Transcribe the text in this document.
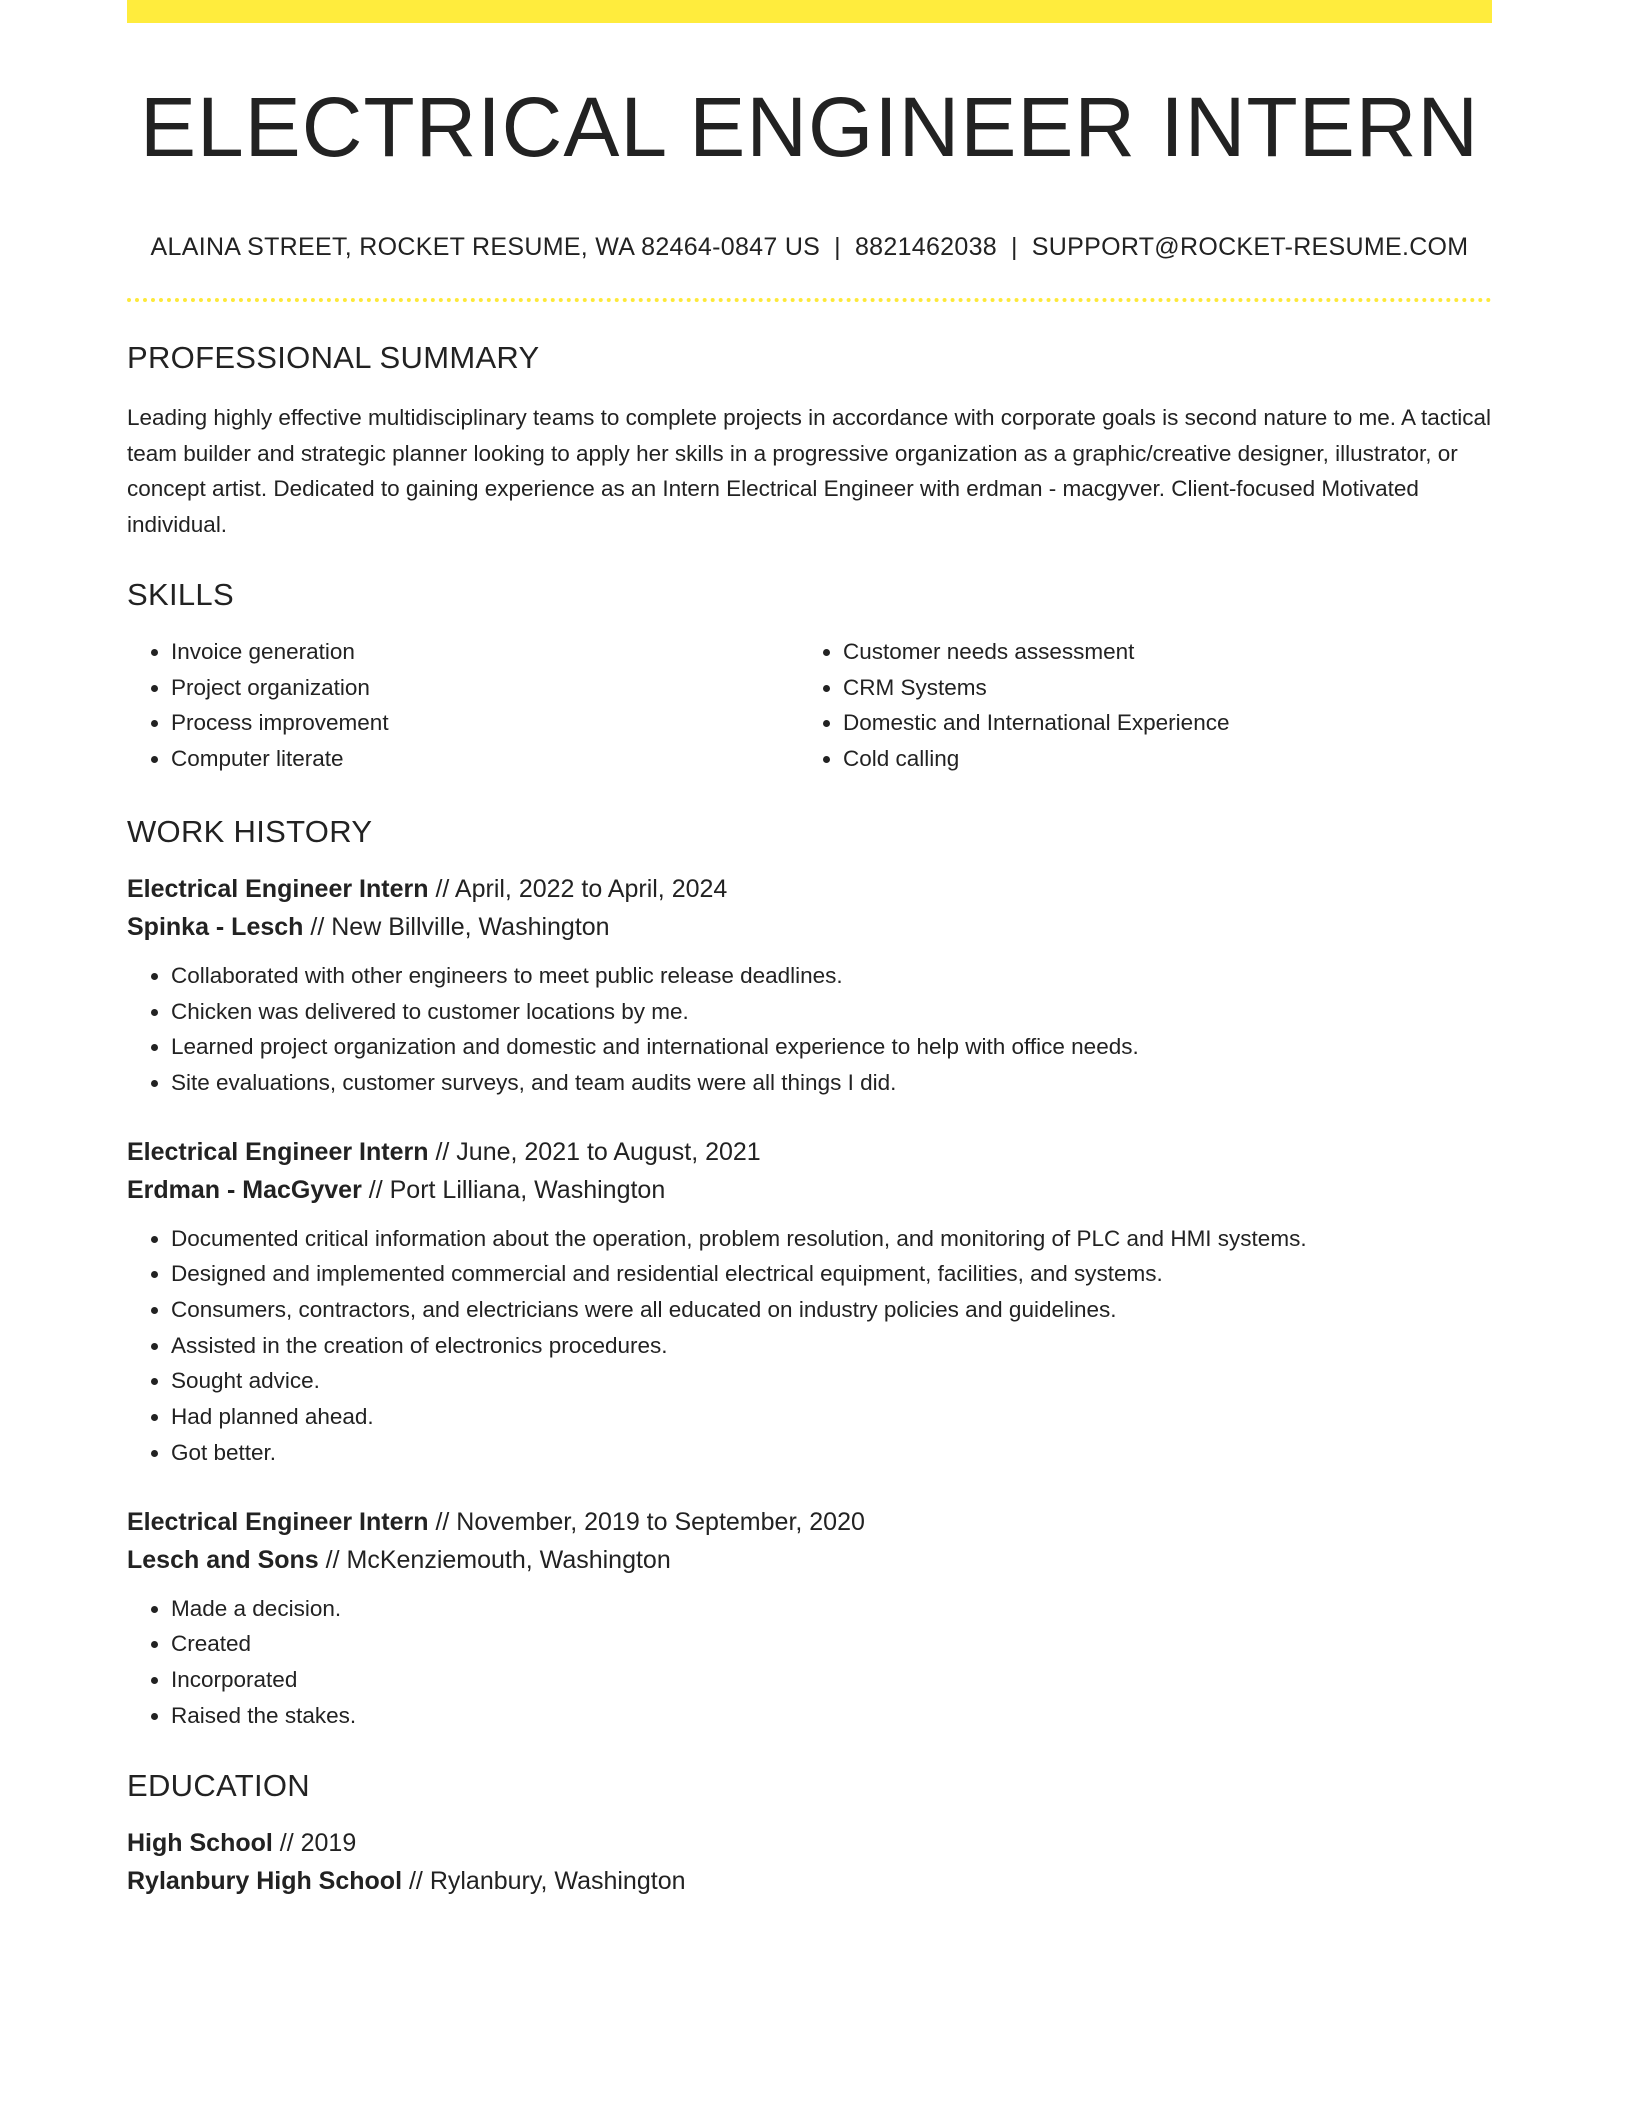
ELECTRICAL ENGINEER INTERN
ALAINA STREET, ROCKET RESUME, WA 82464-0847 US | 8821462038 | SUPPORT@ROCKET-RESUME.COM
PROFESSIONAL SUMMARY

Leading highly effective multidisciplinary teams to complete projects in accordance with corporate goals is second nature to me. A tactical team builder and strategic planner looking to apply her skills in a progressive organization as a graphic/creative designer, illustrator, or concept artist. Dedicated to gaining experience as an Intern Electrical Engineer with erdman - macgyver. Client-focused Motivated individual.

SKILLS
• Invoice generation
• Project organization
• Process improvement
• Computer literate
• Customer needs assessment
• CRM Systems
• Domestic and International Experience
• Cold calling
WORK HISTORY
Electrical Engineer Intern // April, 2022 to April, 2024
Spinka - Lesch // New Billville, Washington
• Collaborated with other engineers to meet public release deadlines.
• Chicken was delivered to customer locations by me.
• Learned project organization and domestic and international experience to help with office needs.
• Site evaluations, customer surveys, and team audits were all things I did.
Electrical Engineer Intern // June, 2021 to August, 2021
Erdman - MacGyver // Port Lilliana, Washington
• Documented critical information about the operation, problem resolution, and monitoring of PLC and HMI systems.
• Designed and implemented commercial and residential electrical equipment, facilities, and systems.
• Consumers, contractors, and electricians were all educated on industry policies and guidelines.
• Assisted in the creation of electronics procedures.
• Sought advice.
• Had planned ahead.
• Got better.
Electrical Engineer Intern // November, 2019 to September, 2020
Lesch and Sons // McKenziemouth, Washington
• Made a decision.
• Created
• Incorporated
• Raised the stakes.
EDUCATION
High School // 2019
Rylanbury High School // Rylanbury, Washington
